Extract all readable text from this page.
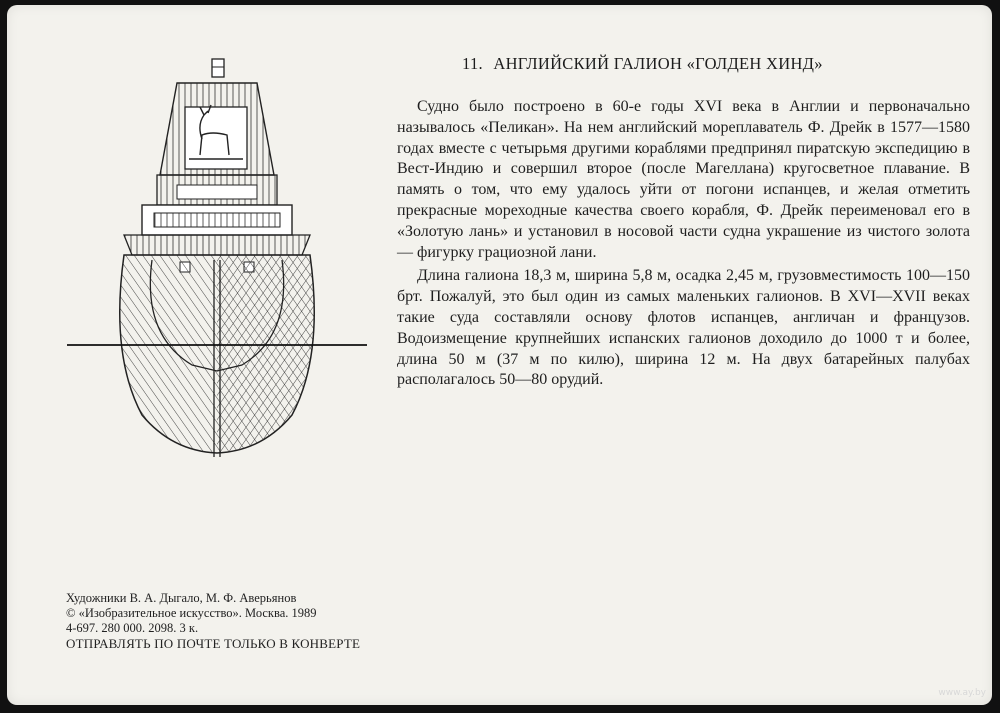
11. АНГЛИЙСКИЙ ГАЛИОН «ГОЛДЕН ХИНД»

Судно было построено в 60-е годы XVI века в Англии и первоначально называлось «Пеликан». На нем английский мореплаватель Ф. Дрейк в 1577—1580 годах вместе с четырьмя другими кораблями предпринял пиратскую экспедицию в Вест-Индию и совершил второе (после Магеллана) кругосветное плавание. В память о том, что ему удалось уйти от погони испанцев, и желая отметить прекрасные мореходные качества своего корабля, Ф. Дрейк переименовал его в «Золотую лань» и установил в носовой части судна украшение из чистого золота — фигурку грациозной лани.

Длина галиона 18,3 м, ширина 5,8 м, осадка 2,45 м, грузовместимость 100—150 брт. Пожалуй, это был один из самых маленьких галионов. В XVI—XVII веках такие суда составляли основу флотов испанцев, англичан и французов. Водоизмещение крупнейших испанских галионов доходило до 1000 т и более, длина 50 м (37 м по килю), ширина 12 м. На двух батарейных палубах располагалось 50—80 орудий.

Художники В. А. Дыгало, М. Ф. Аверьянов
© «Изобразительное искусство». Москва. 1989
4-697. 280 000. 2098. 3 к.
ОТПРАВЛЯТЬ ПО ПОЧТЕ ТОЛЬКО В КОНВЕРТЕ
www.ay.by
